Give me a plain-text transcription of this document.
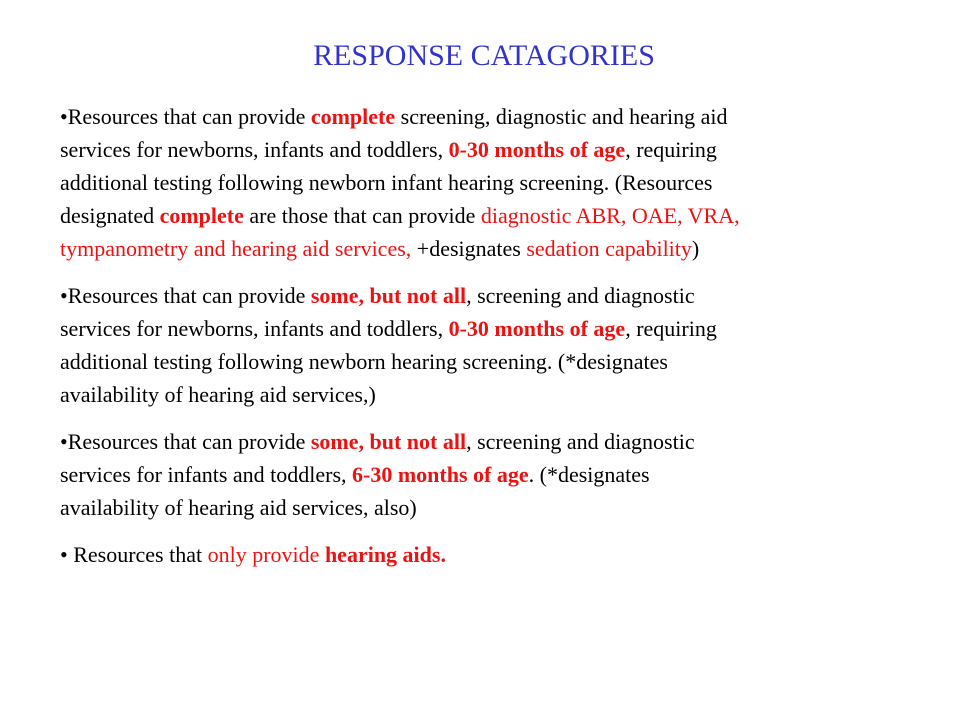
RESPONSE CATAGORIES
•Resources that can provide complete screening, diagnostic and hearing aid
services for newborns, infants and toddlers, 0-30 months of age, requiring
additional testing following newborn infant hearing screening. (Resources
designated complete are those that can provide diagnostic ABR, OAE, VRA,
tympanometry and hearing aid services, +designates sedation capability)
•Resources that can provide some, but not all, screening and diagnostic
services for newborns, infants and toddlers, 0-30 months of age, requiring
additional testing following newborn hearing screening. (*designates
availability of hearing aid services,)
•Resources that can provide some, but not all, screening and diagnostic
services for infants and toddlers, 6-30 months of age. (*designates
availability of hearing aid services, also)
• Resources that only provide hearing aids.
